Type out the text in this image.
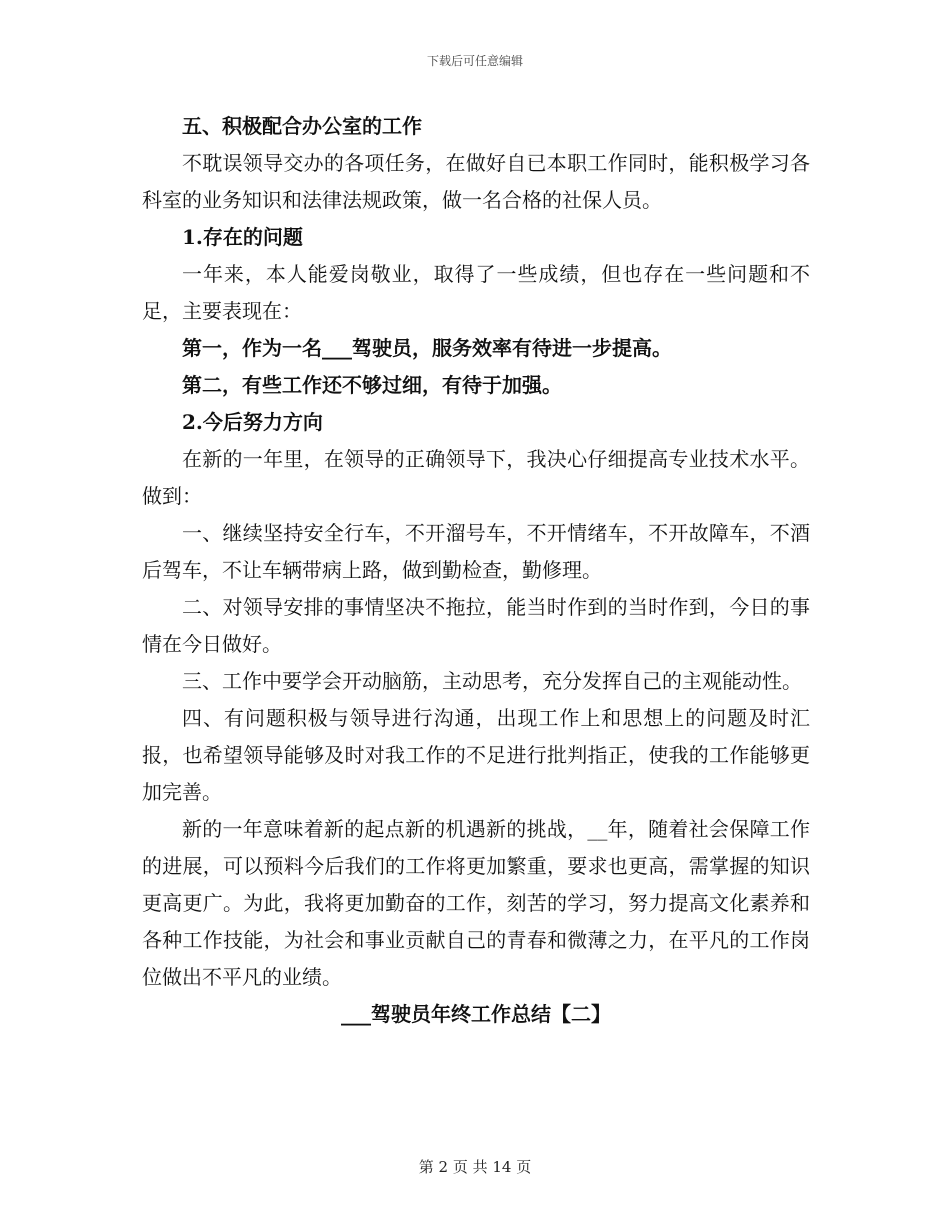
下载后可任意编辑

五、积极配合办公室的工作

不耽误领导交办的各项任务，在做好自已本职工作同时，能积极学习各科室的业务知识和法律法规政策，做一名合格的社保人员。

1.存在的问题

一年来，本人能爱岗敬业，取得了一些成绩，但也存在一些问题和不足，主要表现在：

第一，作为一名___驾驶员，服务效率有待进一步提高。

第二，有些工作还不够过细，有待于加强。

2.今后努力方向

在新的一年里，在领导的正确领导下，我决心仔细提高专业技术水平。做到：

一、继续坚持安全行车，不开溜号车，不开情绪车，不开故障车，不酒后驾车，不让车辆带病上路，做到勤检查，勤修理。

二、对领导安排的事情坚决不拖拉，能当时作到的当时作到，今日的事情在今日做好。

三、工作中要学会开动脑筋，主动思考，充分发挥自己的主观能动性。

四、有问题积极与领导进行沟通，出现工作上和思想上的问题及时汇报，也希望领导能够及时对我工作的不足进行批判指正，使我的工作能够更加完善。

新的一年意味着新的起点新的机遇新的挑战，__年，随着社会保障工作的进展，可以预料今后我们的工作将更加繁重，要求也更高，需掌握的知识更高更广。为此，我将更加勤奋的工作，刻苦的学习，努力提高文化素养和各种工作技能，为社会和事业贡献自己的青春和微薄之力，在平凡的工作岗位做出不平凡的业绩。

___驾驶员年终工作总结【二】

第 2 页 共 14 页
